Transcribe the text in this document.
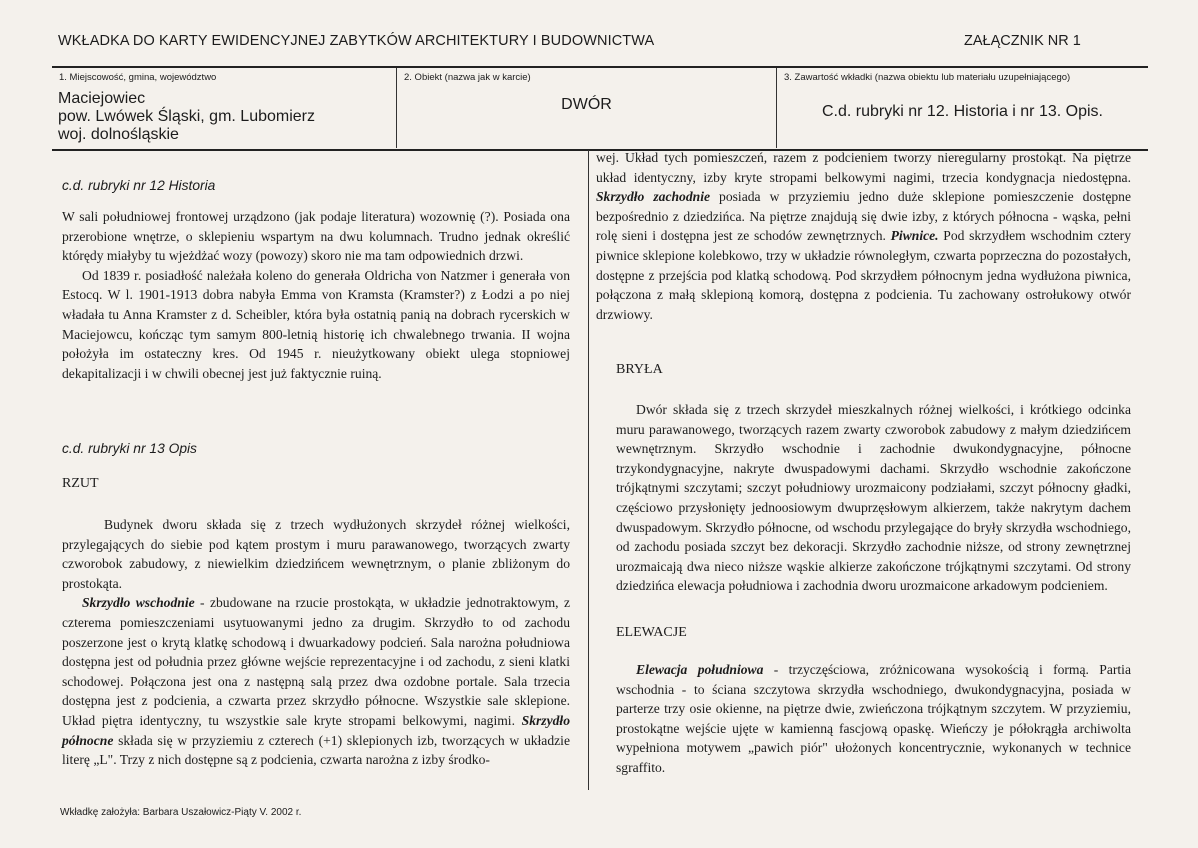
WKŁADKA DO KARTY EWIDENCYJNEJ ZABYTKÓW ARCHITEKTURY I BUDOWNICTWA	ZAŁĄCZNIK NR 1
1. Miejscowość, gmina, województwo
Maciejowiec
pow. Lwówek Śląski, gm. Lubomierz
woj. dolnośląskie
2. Obiekt (nazwa jak w karcie)
DWÓR
3. Zawartość wkładki (nazwa obiektu lub materiału uzupełniającego)
C.d. rubryki nr 12. Historia i nr 13. Opis.
c.d. rubryki nr 12 Historia

W sali południowej frontowej urządzono (jak podaje literatura) wozownię (?). Posiada ona przerobione wnętrze, o sklepieniu wspartym na dwu kolumnach. Trudno jednak określić którędy miałyby tu wjeżdżać wozy (powozy) skoro nie ma tam odpowiednich drzwi.

Od 1839 r. posiadłość należała koleno do generała Oldricha von Natzmer i generała von Estocq. W l. 1901-1913 dobra nabyła Emma von Kramsta (Kramster?) z Łodzi a po niej władała tu Anna Kramster z d. Scheibler, która była ostatnią panią na dobrach rycerskich w Maciejowcu, kończąc tym samym 800-letnią historię ich chwalebnego trwania. II wojna położyła im ostateczny kres. Od 1945 r. nieużytkowany obiekt ulega stopniowej dekapitalizacji i w chwili obecnej jest już faktycznie ruiną.

c.d. rubryki nr 13 Opis
RZUT

Budynek dworu składa się z trzech wydłużonych skrzydeł różnej wielkości, przylegających do siebie pod kątem prostym i muru parawanowego, tworzących zwarty czworobok zabudowy, z niewielkim dziedzińcem wewnętrznym, o planie zbliżonym do prostokąta.

Skrzydło wschodnie - zbudowane na rzucie prostokąta, w układzie jednotraktowym, z czterema pomieszczeniami usytuowanymi jedno za drugim. Skrzydło to od zachodu poszerzone jest o krytą klatkę schodową i dwuarkadowy podcień. Sala narożna południowa dostępna jest od południa przez główne wejście reprezentacyjne i od zachodu, z sieni klatki schodowej. Połączona jest ona z następną salą przez dwa ozdobne portale. Sala trzecia dostępna jest z podcienia, a czwarta przez skrzydło północne. Wszystkie sale sklepione. Układ piętra identyczny, tu wszystkie sale kryte stropami belkowymi, nagimi. Skrzydło północne składa się w przyziemiu z czterech (+1) sklepionych izb, tworzących w układzie literę „L". Trzy z nich dostępne są z podcienia, czwarta narożna z izby środko-

wej. Układ tych pomieszczeń, razem z podcieniem tworzy nieregularny prostokąt. Na piętrze układ identyczny, izby kryte stropami belkowymi nagimi, trzecia kondygnacja niedostępna. Skrzydło zachodnie posiada w przyziemiu jedno duże sklepione pomieszczenie dostępne bezpośrednio z dziedzińca. Na piętrze znajdują się dwie izby, z których północna - wąska, pełni rolę sieni i dostępna jest ze schodów zewnętrznych. Piwnice. Pod skrzydłem wschodnim cztery piwnice sklepione kolebkowo, trzy w układzie równoległym, czwarta poprzeczna do pozostałych, dostępne z przejścia pod klatką schodową. Pod skrzydłem północnym jedna wydłużona piwnica, połączona z małą sklepioną komorą, dostępna z podcienia. Tu zachowany ostrołukowy otwór drzwiowy.

BRYŁA

Dwór składa się z trzech skrzydeł mieszkalnych różnej wielkości, i krótkiego odcinka muru parawanowego, tworzących razem zwarty czworobok zabudowy z małym dziedzińcem wewnętrznym. Skrzydło wschodnie i zachodnie dwukondygnacyjne, północne trzykondygnacyjne, nakryte dwuspadowymi dachami. Skrzydło wschodnie zakończone trójkątnymi szczytami; szczyt południowy urozmaicony podziałami, szczyt północny gładki, częściowo przysłonięty jednoosiowym dwuprzęsłowym alkierzem, także nakrytym dachem dwuspadowym. Skrzydło północne, od wschodu przylegające do bryły skrzydła wschodniego, od zachodu posiada szczyt bez dekoracji. Skrzydło zachodnie niższe, od strony zewnętrznej urozmaicają dwa nieco niższe wąskie alkierze zakończone trójkątnymi szczytami. Od strony dziedzińca elewacja południowa i zachodnia dworu urozmaicone arkadowym podcieniem.

ELEWACJE

Elewacja południowa - trzyczęściowa, zróżnicowana wysokością i formą. Partia wschodnia - to ściana szczytowa skrzydła wschodniego, dwukondygnacyjna, posiada w parterze trzy osie okienne, na piętrze dwie, zwieńczona trójkątnym szczytem. W przyziemiu, prostokątne wejście ujęte w kamienną fascjową opaskę. Wieńczy je półokrągła archiwolta wypełniona motywem „pawich piór" ułożonych koncentrycznie, wykonanych w technice sgraffito.

Wkładkę założyła: Barbara Uszałowicz-Piąty V. 2002 r.
